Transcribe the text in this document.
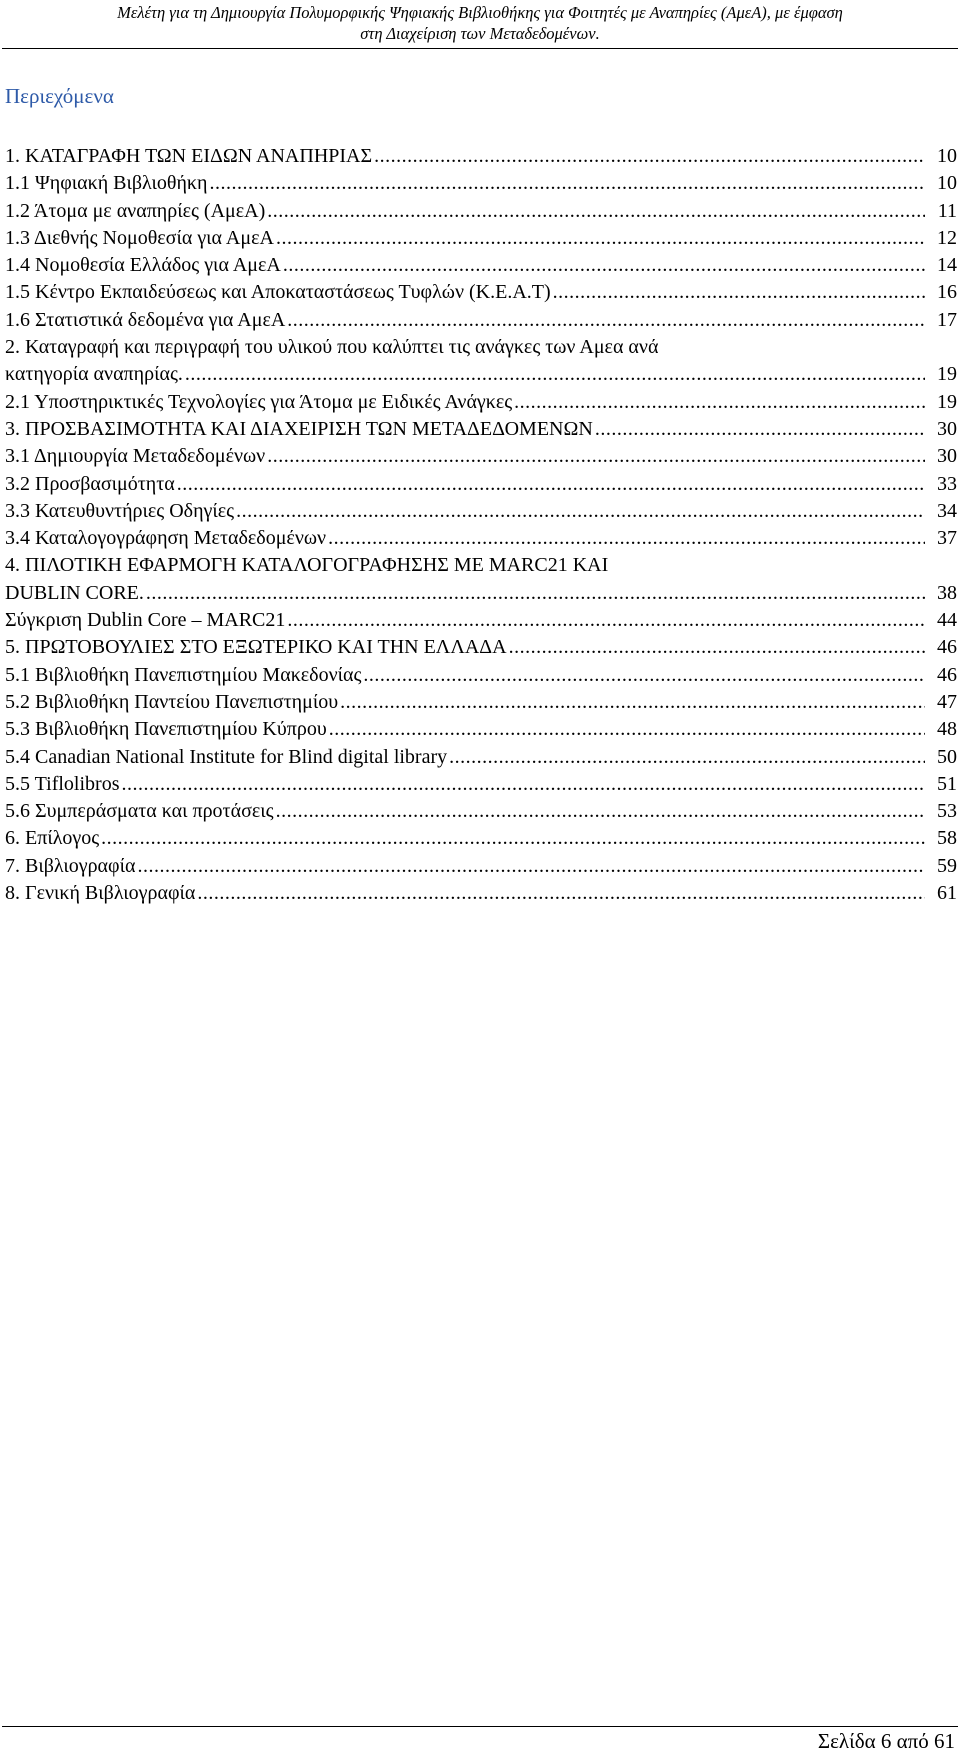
Μελέτη για τη Δημιουργία Πολυμορφικής Ψηφιακής Βιβλιοθήκης για Φοιτητές με Αναπηρίες (ΑμεΑ), με έμφαση
στη Διαχείριση των Μεταδεδομένων.
Περιεχόμενα
1. ΚΑΤΑΓΡΑΦΗ ΤΩΝ ΕΙΔΩΝ ΑΝΑΠΗΡΙΑΣ .....	10
1.1 Ψηφιακή Βιβλιοθήκη .....	10
1.2 Άτομα με αναπηρίες (ΑμεΑ) .....	11
1.3 Διεθνής Νομοθεσία για ΑμεΑ .....	12
1.4 Νομοθεσία Ελλάδος για ΑμεΑ .....	14
1.5 Κέντρο Εκπαιδεύσεως και Αποκαταστάσεως Τυφλών (Κ.Ε.Α.Τ) .....	16
1.6 Στατιστικά δεδομένα για ΑμεΑ .....	17
2. Καταγραφή και περιγραφή του υλικού που καλύπτει τις ανάγκες των Αμεα ανά
κατηγορία αναπηρίας. .....	19
2.1 Υποστηρικτικές Τεχνολογίες για Άτομα με Ειδικές Ανάγκες .....	19
3. ΠΡΟΣΒΑΣΙΜΟΤΗΤΑ ΚΑΙ ΔΙΑΧΕΙΡΙΣΗ ΤΩΝ ΜΕΤΑΔΕΔΟΜΕΝΩΝ .....	30
3.1 Δημιουργία Μεταδεδομένων .....	30
3.2 Προσβασιμότητα .....	33
3.3 Κατευθυντήριες Οδηγίες .....	34
3.4 Καταλογογράφηση Μεταδεδομένων .....	37
4. ΠΙΛΟΤΙΚΗ ΕΦΑΡΜΟΓΗ ΚΑΤΑΛΟΓΟΓΡΑΦΗΣΗΣ ΜΕ MARC21 ΚΑΙ
DUBLIN CORE. .....	38
Σύγκριση Dublin Core – MARC21 .....	44
5. ΠΡΩΤΟΒΟΥΛΙΕΣ ΣΤΟ ΕΞΩΤΕΡΙΚΟ ΚΑΙ ΤΗΝ ΕΛΛΑΔΑ .....	46
5.1 Βιβλιοθήκη Πανεπιστημίου Μακεδονίας .....	46
5.2 Βιβλιοθήκη Παντείου Πανεπιστημίου .....	47
5.3 Βιβλιοθήκη Πανεπιστημίου Κύπρου .....	48
5.4 Canadian National Institute for Blind digital library .....	50
5.5 Tiflolibros .....	51
5.6 Συμπεράσματα και προτάσεις .....	53
6. Επίλογος .....	58
7. Βιβλιογραφία .....	59
8. Γενική Βιβλιογραφία .....	61
Σελίδα 6 από 61
